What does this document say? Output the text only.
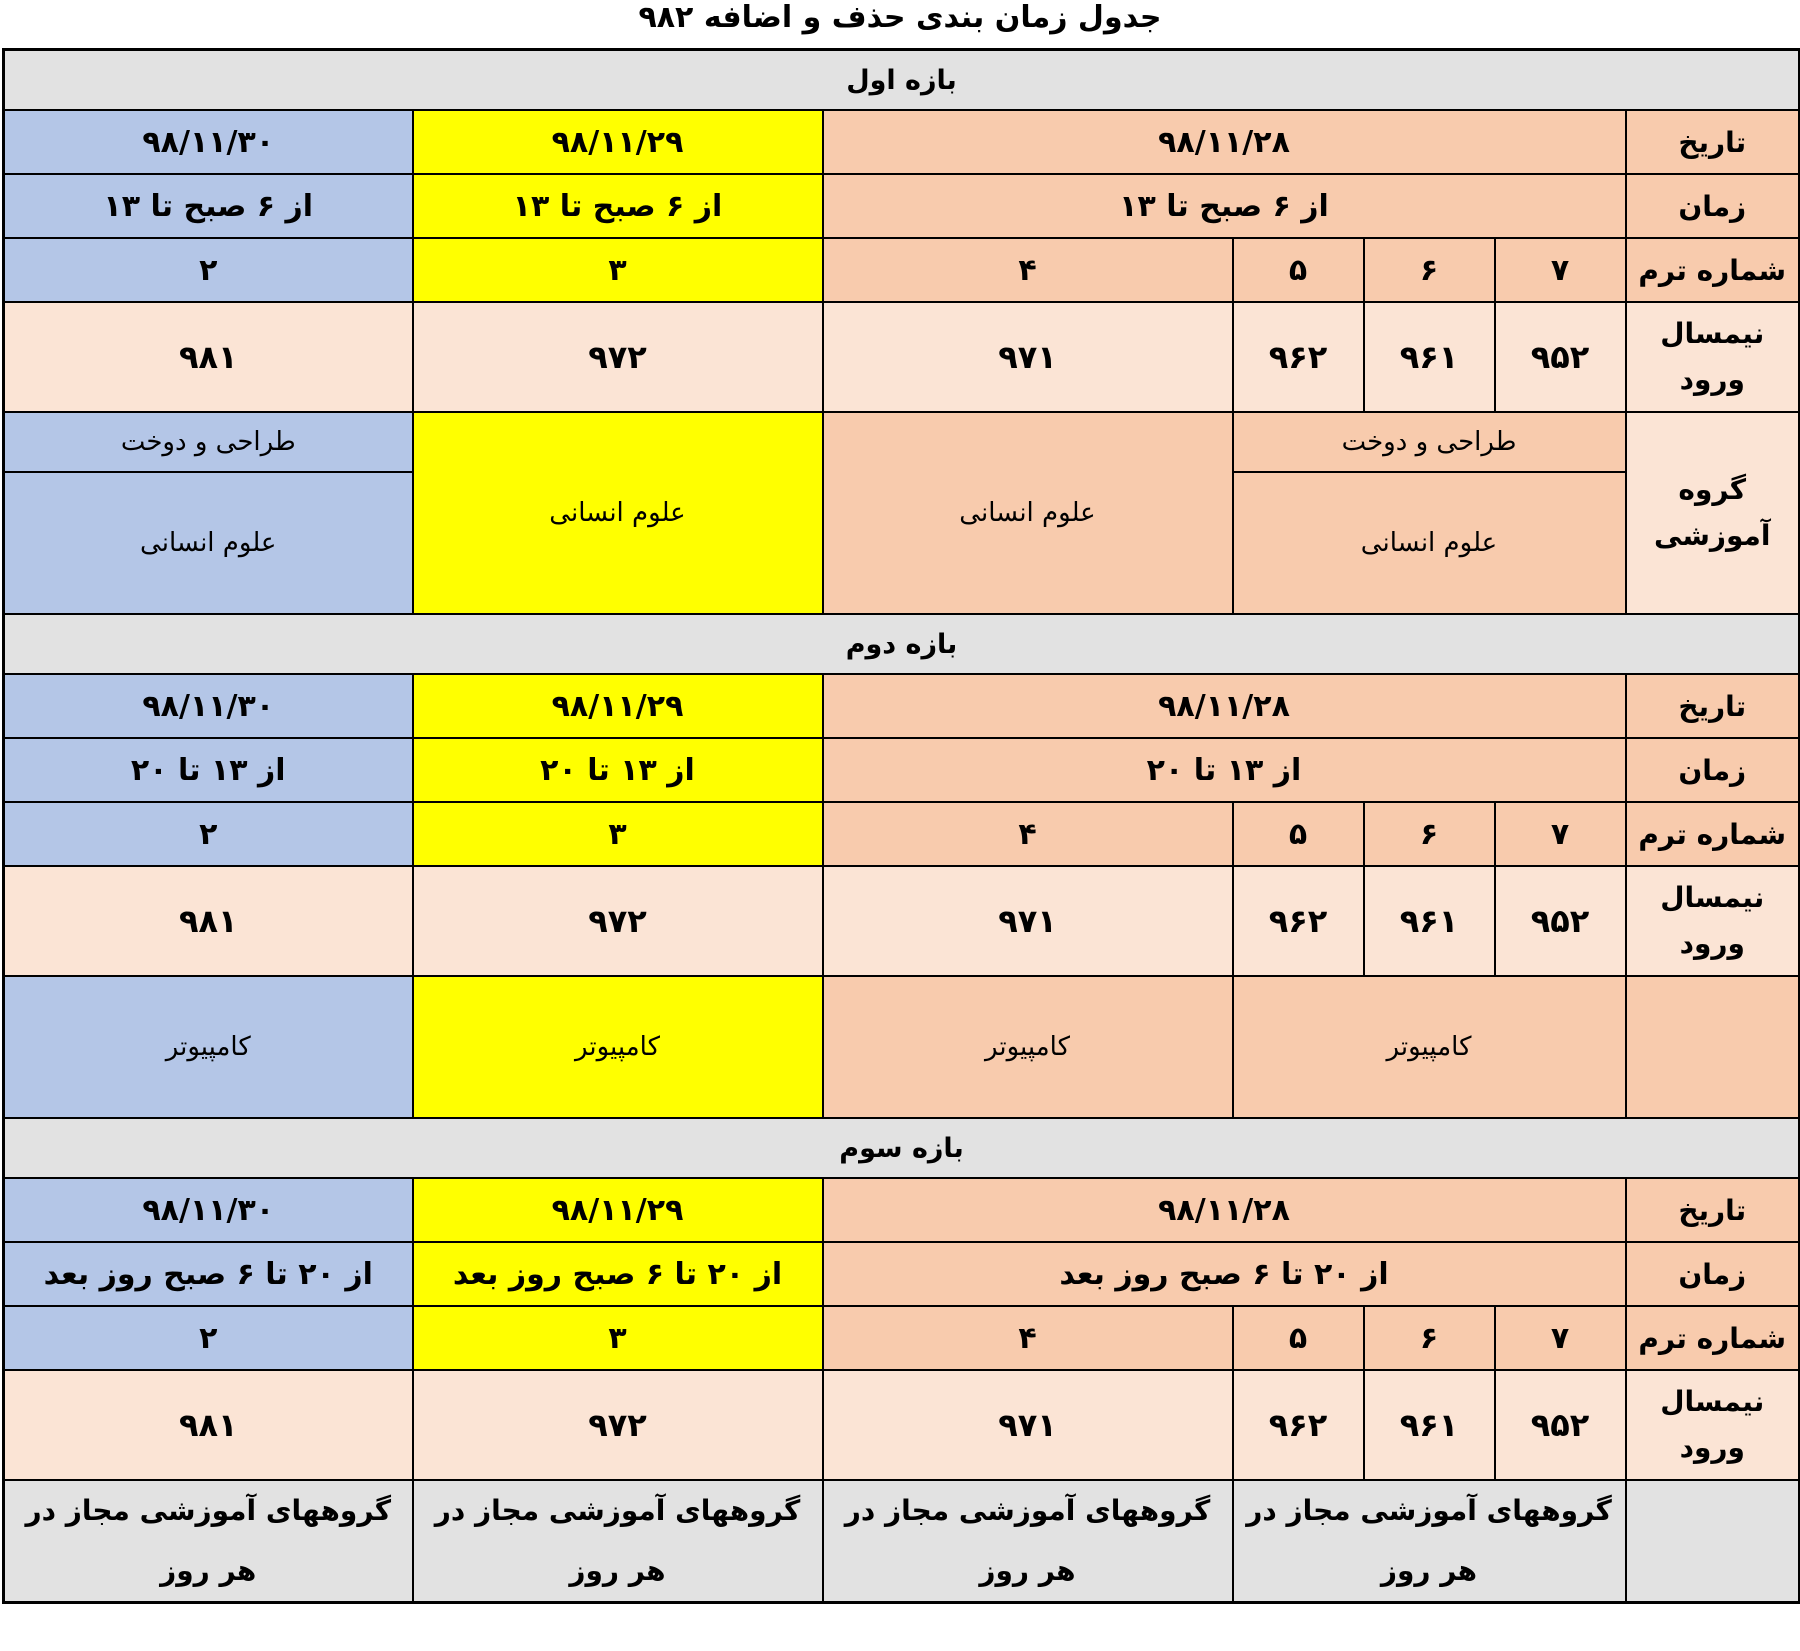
جدول زمان بندی حذف و اضافه ۹۸۲
بازه اول						
تاریخ	۹۸/۱۱/۲۸				۹۸/۱۱/۲۹	۹۸/۱۱/۳۰
زمان	از ۶ صبح تا ۱۳				از ۶ صبح تا ۱۳	از ۶ صبح تا ۱۳
شماره ترم	۷	۶	۵	۴	۳	۲
نیمسال ورود	۹۵۲	۹۶۱	۹۶۲	۹۷۱	۹۷۲	۹۸۱
گروه آموزشی	طراحی و دوخت			علوم انسانی	علوم انسانی	طراحی و دوخت
	علوم انسانی					علوم انسانی
بازه دوم						
تاریخ	۹۸/۱۱/۲۸				۹۸/۱۱/۲۹	۹۸/۱۱/۳۰
زمان	از ۱۳ تا ۲۰				از ۱۳ تا ۲۰	از ۱۳ تا ۲۰
شماره ترم	۷	۶	۵	۴	۳	۲
نیمسال ورود	۹۵۲	۹۶۱	۹۶۲	۹۷۱	۹۷۲	۹۸۱
	کامپیوتر			کامپیوتر	کامپیوتر	کامپیوتر
بازه سوم						
تاریخ	۹۸/۱۱/۲۸				۹۸/۱۱/۲۹	۹۸/۱۱/۳۰
زمان	از ۲۰ تا ۶ صبح روز بعد				از ۲۰ تا ۶ صبح روز بعد	از ۲۰ تا ۶ صبح روز بعد
شماره ترم	۷	۶	۵	۴	۳	۲
نیمسال ورود	۹۵۲	۹۶۱	۹۶۲	۹۷۱	۹۷۲	۹۸۱
	گروههای آموزشی مجاز در هر روز			گروههای آموزشی مجاز در هر روز	گروههای آموزشی مجاز در هر روز	گروههای آموزشی مجاز در هر روز
